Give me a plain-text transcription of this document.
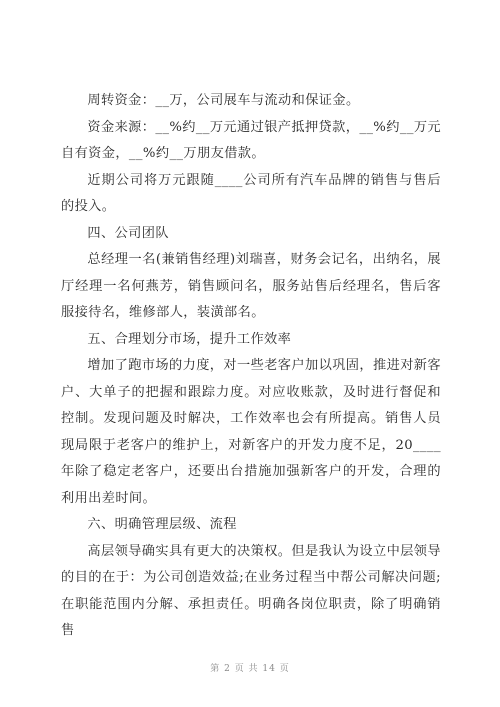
周转资金：__万，公司展车与流动和保证金。

资金来源：__%约__万元通过银产抵押贷款，__%约__万元自有资金，__%约__万朋友借款。

近期公司将万元跟随____公司所有汽车品牌的销售与售后的投入。

四、公司团队

总经理一名(兼销售经理)刘瑞喜，财务会记名，出纳名，展厅经理一名何燕芳，销售顾问名，服务站售后经理名，售后客服接待名，维修部人，装潢部名。

五、合理划分市场，提升工作效率

增加了跑市场的力度，对一些老客户加以巩固，推进对新客户、大单子的把握和跟踪力度。对应收账款，及时进行督促和控制。发现问题及时解决，工作效率也会有所提高。销售人员现局限于老客户的维护上，对新客户的开发力度不足，20____年除了稳定老客户，还要出台措施加强新客户的开发，合理的利用出差时间。

六、明确管理层级、流程

高层领导确实具有更大的决策权。但是我认为设立中层领导的目的在于：为公司创造效益;在业务过程当中帮公司解决问题;在职能范围内分解、承担责任。明确各岗位职责，除了明确销售

第 2 页 共 14 页
